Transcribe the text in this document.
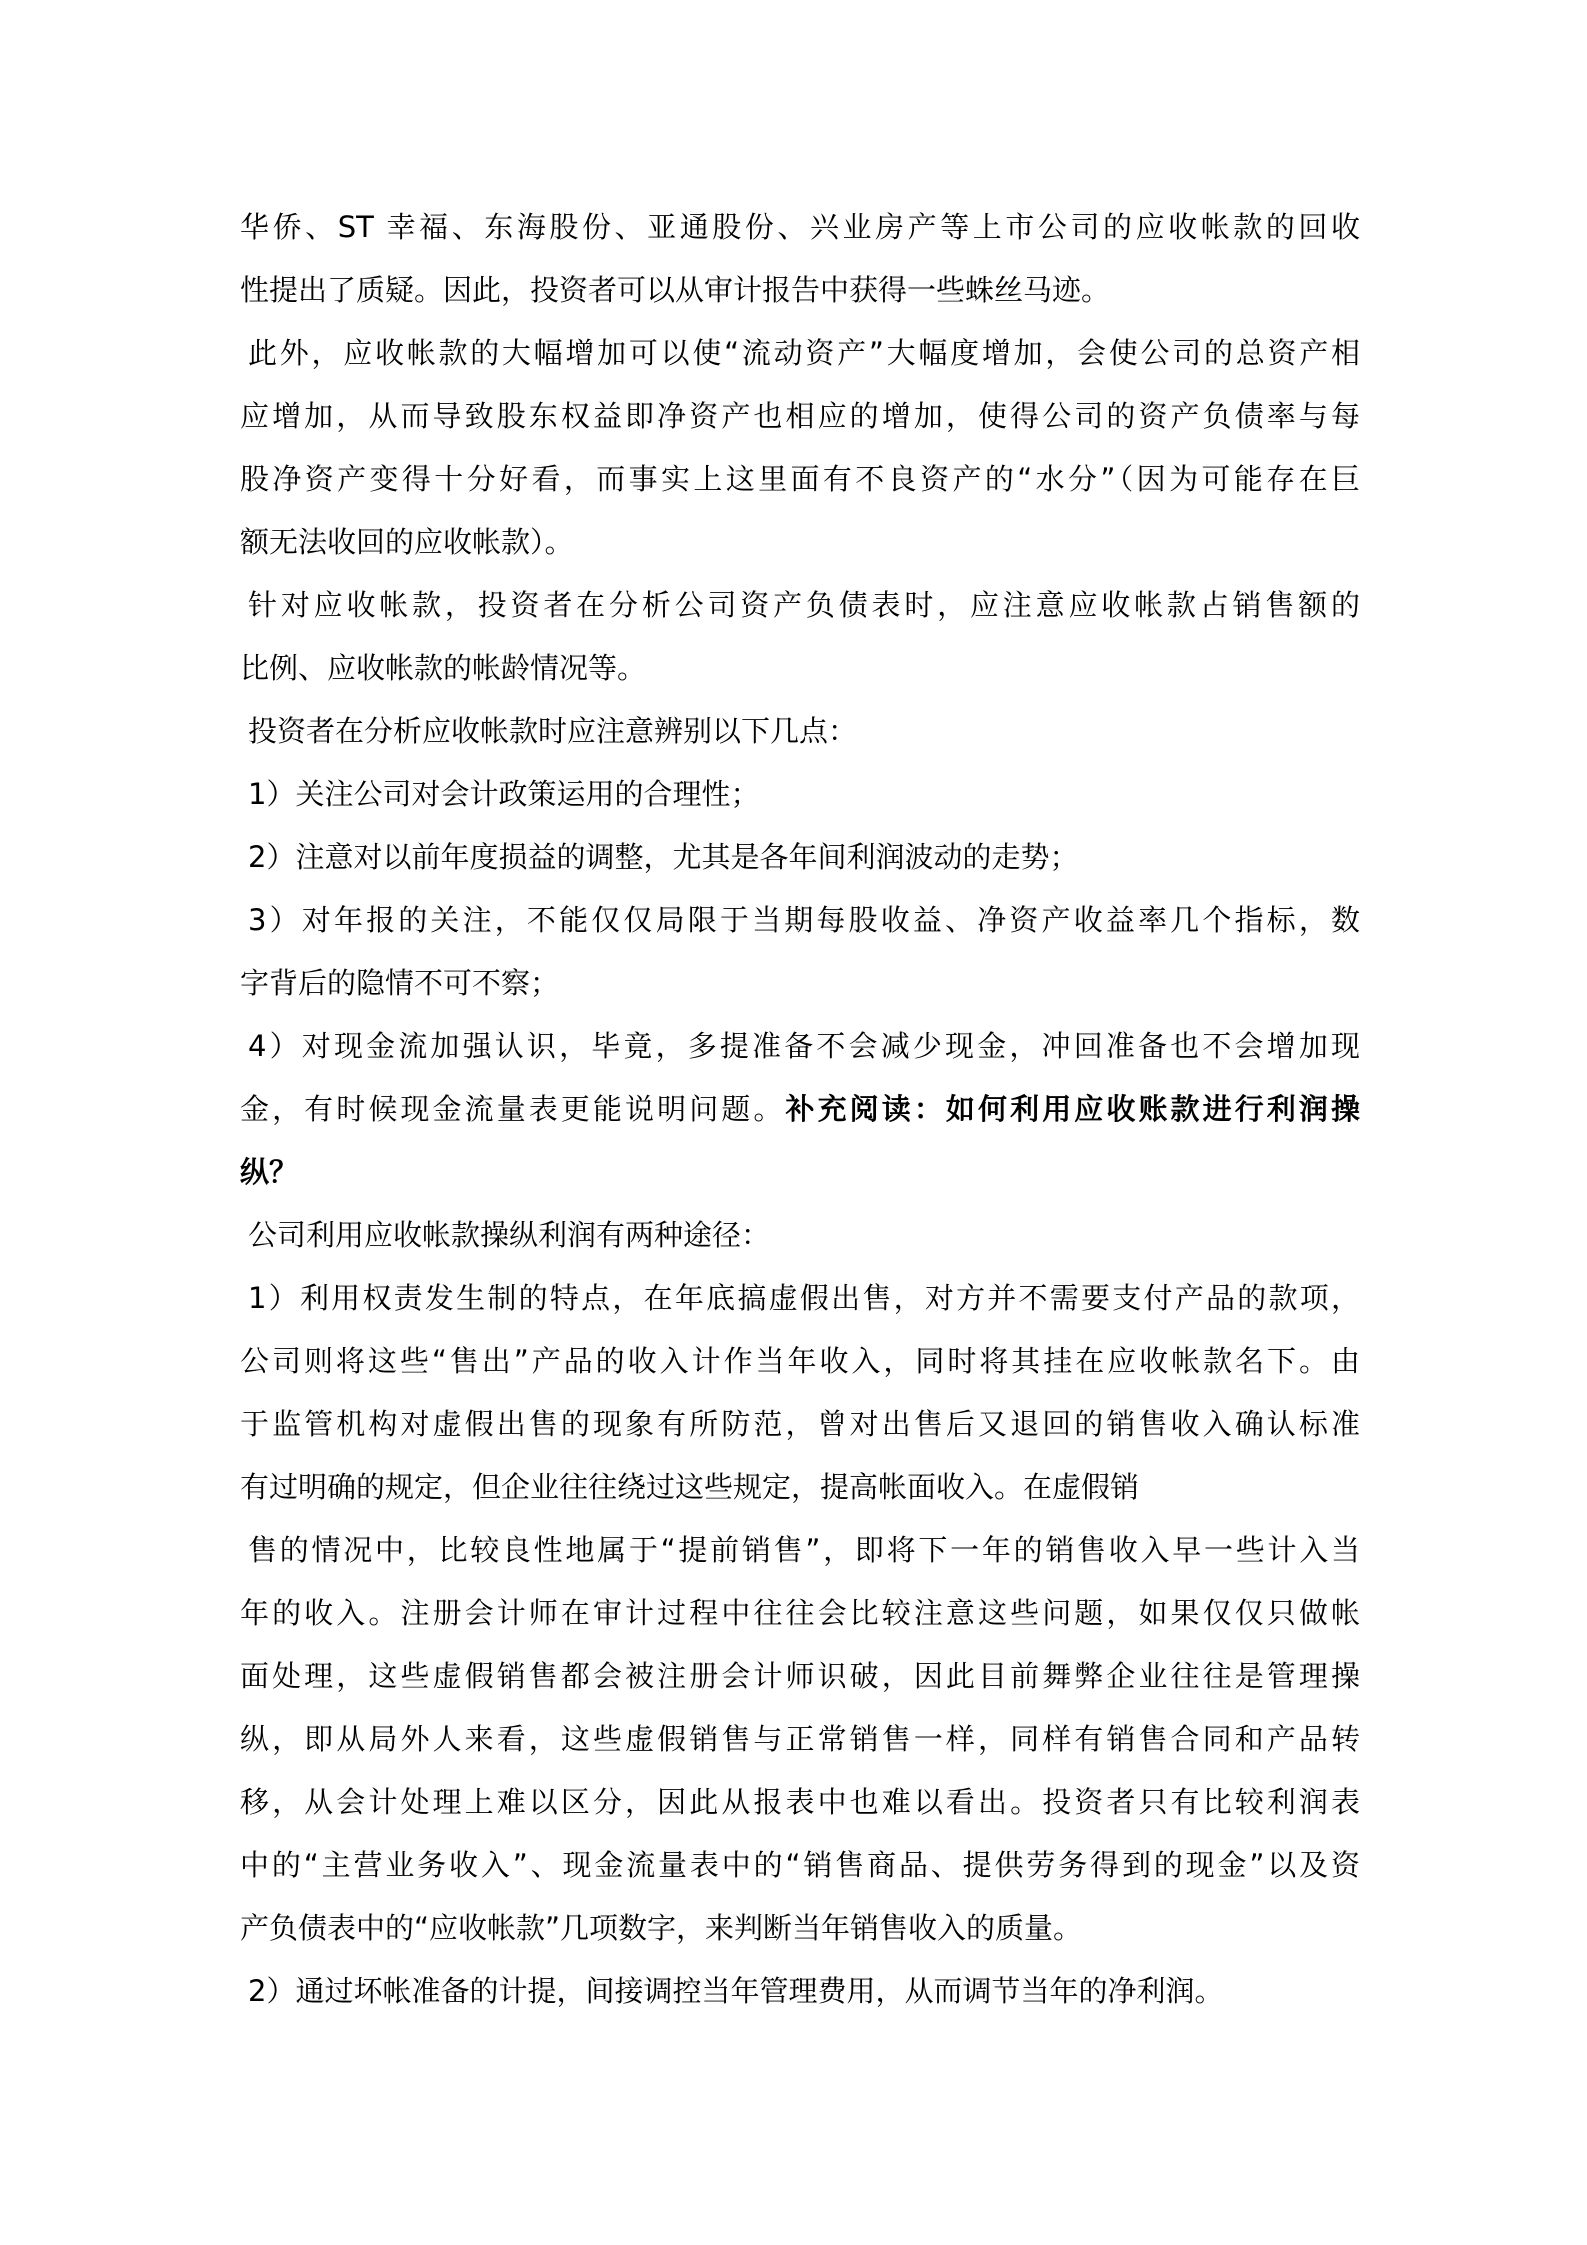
华侨、ST 幸福、东海股份、亚通股份、兴业房产等上市公司的应收帐款的回收
性提出了质疑。因此，投资者可以从审计报告中获得一些蛛丝马迹。
此外，应收帐款的大幅增加可以使“流动资产”大幅度增加，会使公司的总资产相
应增加，从而导致股东权益即净资产也相应的增加，使得公司的资产负债率与每
股净资产变得十分好看，而事实上这里面有不良资产的“水分”（因为可能存在巨
额无法收回的应收帐款）。
针对应收帐款，投资者在分析公司资产负债表时，应注意应收帐款占销售额的
比例、应收帐款的帐龄情况等。
投资者在分析应收帐款时应注意辨别以下几点：
1）关注公司对会计政策运用的合理性；
2）注意对以前年度损益的调整，尤其是各年间利润波动的走势；
3）对年报的关注，不能仅仅局限于当期每股收益、净资产收益率几个指标，数
字背后的隐情不可不察；
4）对现金流加强认识，毕竟，多提准备不会减少现金，冲回准备也不会增加现
金，有时候现金流量表更能说明问题。补充阅读：如何利用应收账款进行利润操
纵？
公司利用应收帐款操纵利润有两种途径：
1）利用权责发生制的特点，在年底搞虚假出售，对方并不需要支付产品的款项，
公司则将这些“售出”产品的收入计作当年收入，同时将其挂在应收帐款名下。由
于监管机构对虚假出售的现象有所防范，曾对出售后又退回的销售收入确认标准
有过明确的规定，但企业往往绕过这些规定，提高帐面收入。在虚假销
售的情况中，比较良性地属于“提前销售”，即将下一年的销售收入早一些计入当
年的收入。注册会计师在审计过程中往往会比较注意这些问题，如果仅仅只做帐
面处理，这些虚假销售都会被注册会计师识破，因此目前舞弊企业往往是管理操
纵，即从局外人来看，这些虚假销售与正常销售一样，同样有销售合同和产品转
移，从会计处理上难以区分，因此从报表中也难以看出。投资者只有比较利润表
中的“主营业务收入”、现金流量表中的“销售商品、提供劳务得到的现金”以及资
产负债表中的“应收帐款”几项数字，来判断当年销售收入的质量。
2）通过坏帐准备的计提，间接调控当年管理费用，从而调节当年的净利润。
